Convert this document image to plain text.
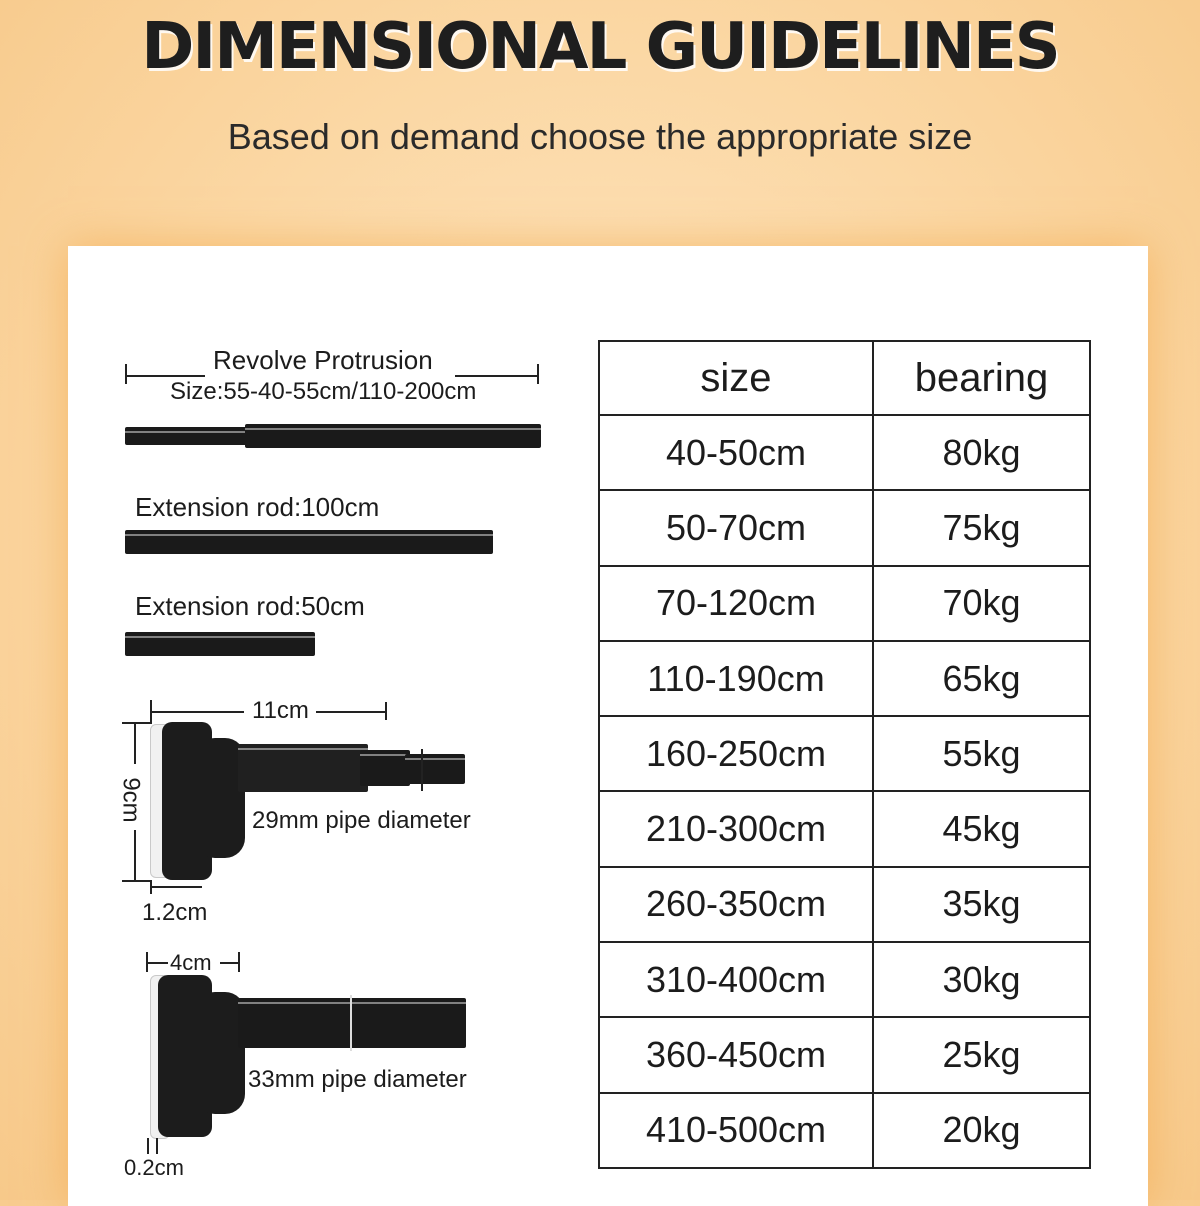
DIMENSIONAL GUIDELINES
Based on demand choose the appropriate size
Revolve Protrusion
Size:55-40-55cm/110-200cm
Extension rod:100cm
Extension rod:50cm
11cm
9cm
1.2cm
29mm pipe diameter
4cm
33mm pipe diameter
0.2cm
size	bearing
40-50cm	80kg
50-70cm	75kg
70-120cm	70kg
110-190cm	65kg
160-250cm	55kg
210-300cm	45kg
260-350cm	35kg
310-400cm	30kg
360-450cm	25kg
410-500cm	20kg
